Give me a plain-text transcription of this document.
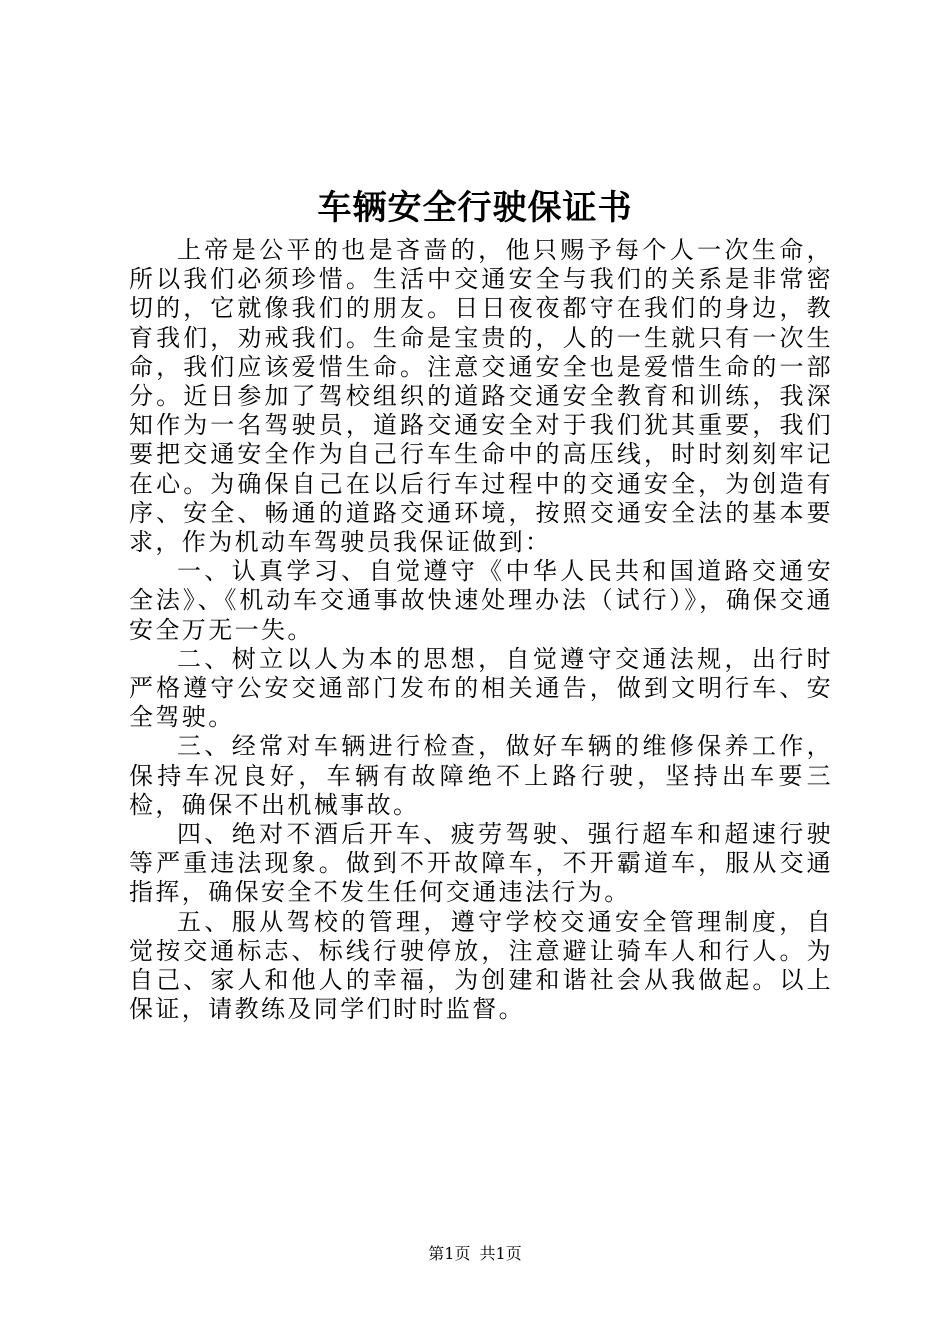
车辆安全行驶保证书

上帝是公平的也是吝啬的，他只赐予每个人一次生命，所以我们必须珍惜。生活中交通安全与我们的关系是非常密切的，它就像我们的朋友。日日夜夜都守在我们的身边，教育我们，劝戒我们。生命是宝贵的，人的一生就只有一次生命，我们应该爱惜生命。注意交通安全也是爱惜生命的一部分。近日参加了驾校组织的道路交通安全教育和训练，我深知作为一名驾驶员，道路交通安全对于我们犹其重要，我们要把交通安全作为自己行车生命中的高压线，时时刻刻牢记在心。为确保自己在以后行车过程中的交通安全，为创造有序、安全、畅通的道路交通环境，按照交通安全法的基本要求，作为机动车驾驶员我保证做到：

一、认真学习、自觉遵守《中华人民共和国道路交通安全法》、《机动车交通事故快速处理办法（试行）》，确保交通安全万无一失。

二、树立以人为本的思想，自觉遵守交通法规，出行时严格遵守公安交通部门发布的相关通告，做到文明行车、安全驾驶。

三、经常对车辆进行检查，做好车辆的维修保养工作，保持车况良好，车辆有故障绝不上路行驶，坚持出车要三检，确保不出机械事故。

四、绝对不酒后开车、疲劳驾驶、强行超车和超速行驶等严重违法现象。做到不开故障车，不开霸道车，服从交通指挥，确保安全不发生任何交通违法行为。

五、服从驾校的管理，遵守学校交通安全管理制度，自觉按交通标志、标线行驶停放，注意避让骑车人和行人。为自己、家人和他人的幸福，为创建和谐社会从我做起。以上保证，请教练及同学们时时监督。

第1页 共1页
